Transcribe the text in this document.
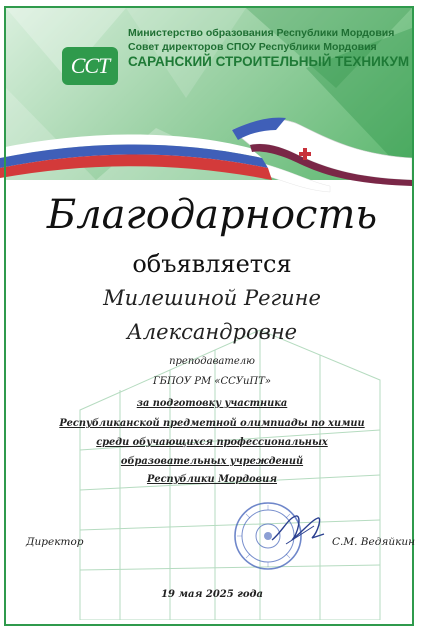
ССТ
Министерство образования Республики Мордовия
Совет директоров СПОУ Республики Мордовия
САРАНСКИЙ СТРОИТЕЛЬНЫЙ ТЕХНИКУМ
Благодарность
объявляется
Милешиной Регине
Александровне
преподавателю
ГБПОУ РМ «ССУиПТ»
за подготовку участника
Республиканской предметной олимпиады по химии
среди обучающихся профессиональных
образовательных учреждений
Республики Мордовия
Директор	С.М. Ведяйкин
19 мая 2025 года
